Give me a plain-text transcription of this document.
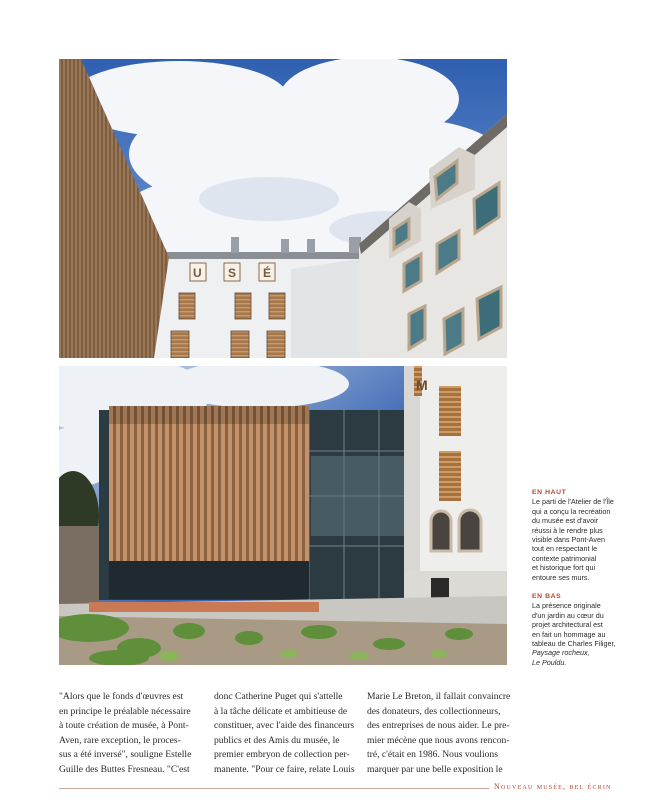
U S É
M
EN HAUT
Le parti de l'Atelier de l'Île
qui a conçu la recréation
du musée est d'avoir
réussi à le rendre plus
visible dans Pont-Aven
tout en respectant le
contexte patrimonial
et historique fort qui
entoure ses murs.
EN BAS
La présence originale
d'un jardin au cœur du
projet architectural est
en fait un hommage au
tableau de Charles Filiger,
Paysage rocheux,
Le Pouldu.
"Alors que le fonds d'œuvres est
en principe le préalable nécessaire
à toute création de musée, à Pont-
Aven, rare exception, le proces-
sus a été inversé", souligne Estelle
Guille des Buttes Fresneau. "C'est
donc Catherine Puget qui s'attelle
à la tâche délicate et ambitieuse de
constituer, avec l'aide des financeurs
publics et des Amis du musée, le
premier embryon de collection per-
manente. "Pour ce faire, relate Louis
Marie Le Breton, il fallait convaincre
des donateurs, des collectionneurs,
des entreprises de nous aider. Le pre-
mier mécène que nous avons rencon-
tré, c'était en 1986. Nous voulions
marquer par une belle exposition le
Nouveau musée, bel écrin
